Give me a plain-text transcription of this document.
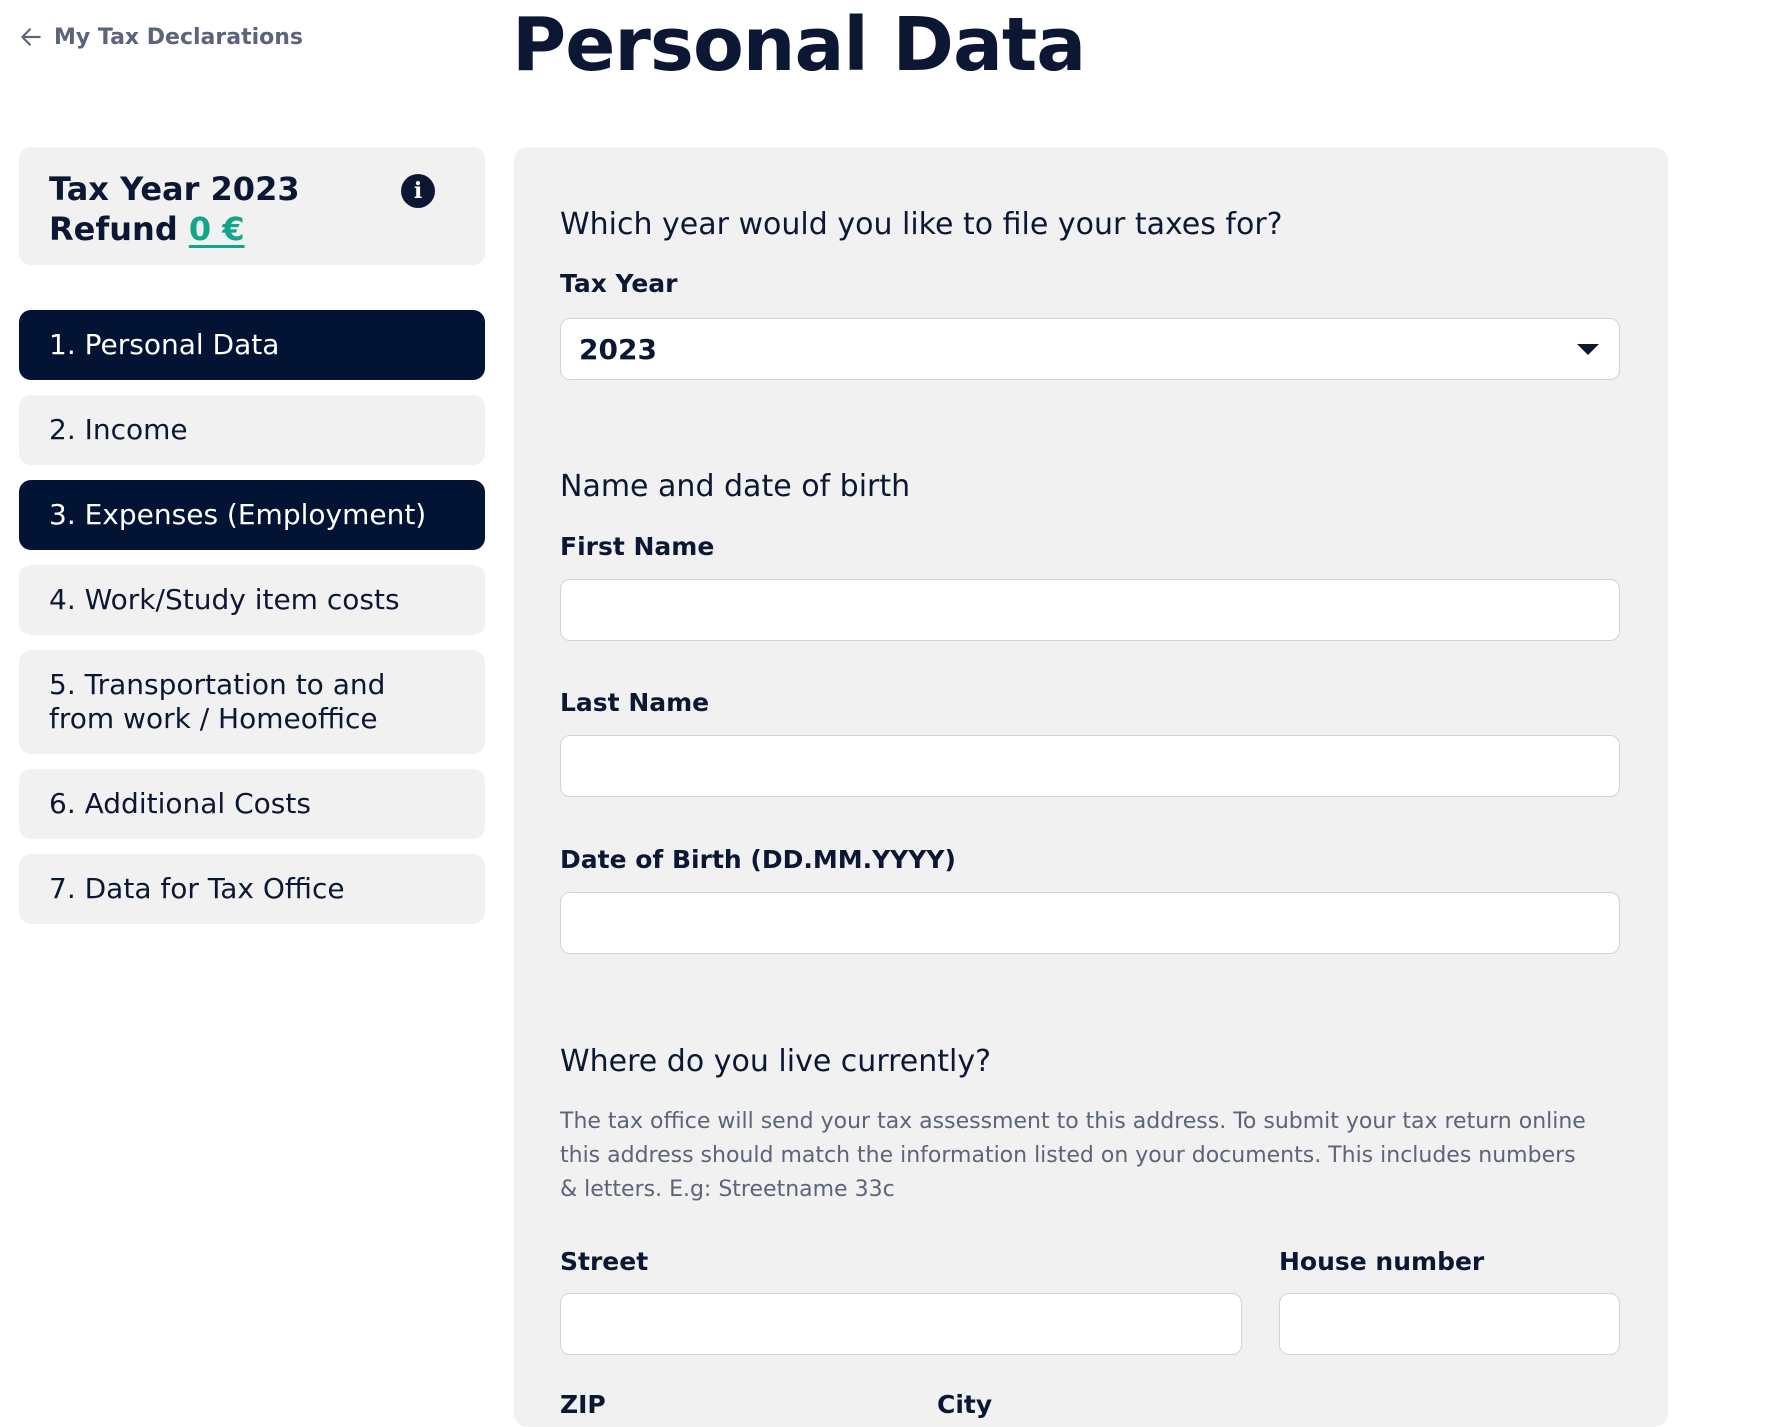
My Tax Declarations	Personal Data
Tax Year 2023
Refund 0 €
i
1. Personal Data
2. Income
3. Expenses (Employment)
4. Work/Study item costs
5. Transportation to and from work / Homeoffice
6. Additional Costs
7. Data for Tax Office
Which year would you like to file your taxes for?
Tax Year
2023
Name and date of birth
First Name
Last Name
Date of Birth (DD.MM.YYYY)
Where do you live currently?

The tax office will send your tax assessment to this address. To submit your tax return online this address should match the information listed on your documents. This includes numbers & letters. E.g: Streetname 33c

Street	House number
ZIP	City
